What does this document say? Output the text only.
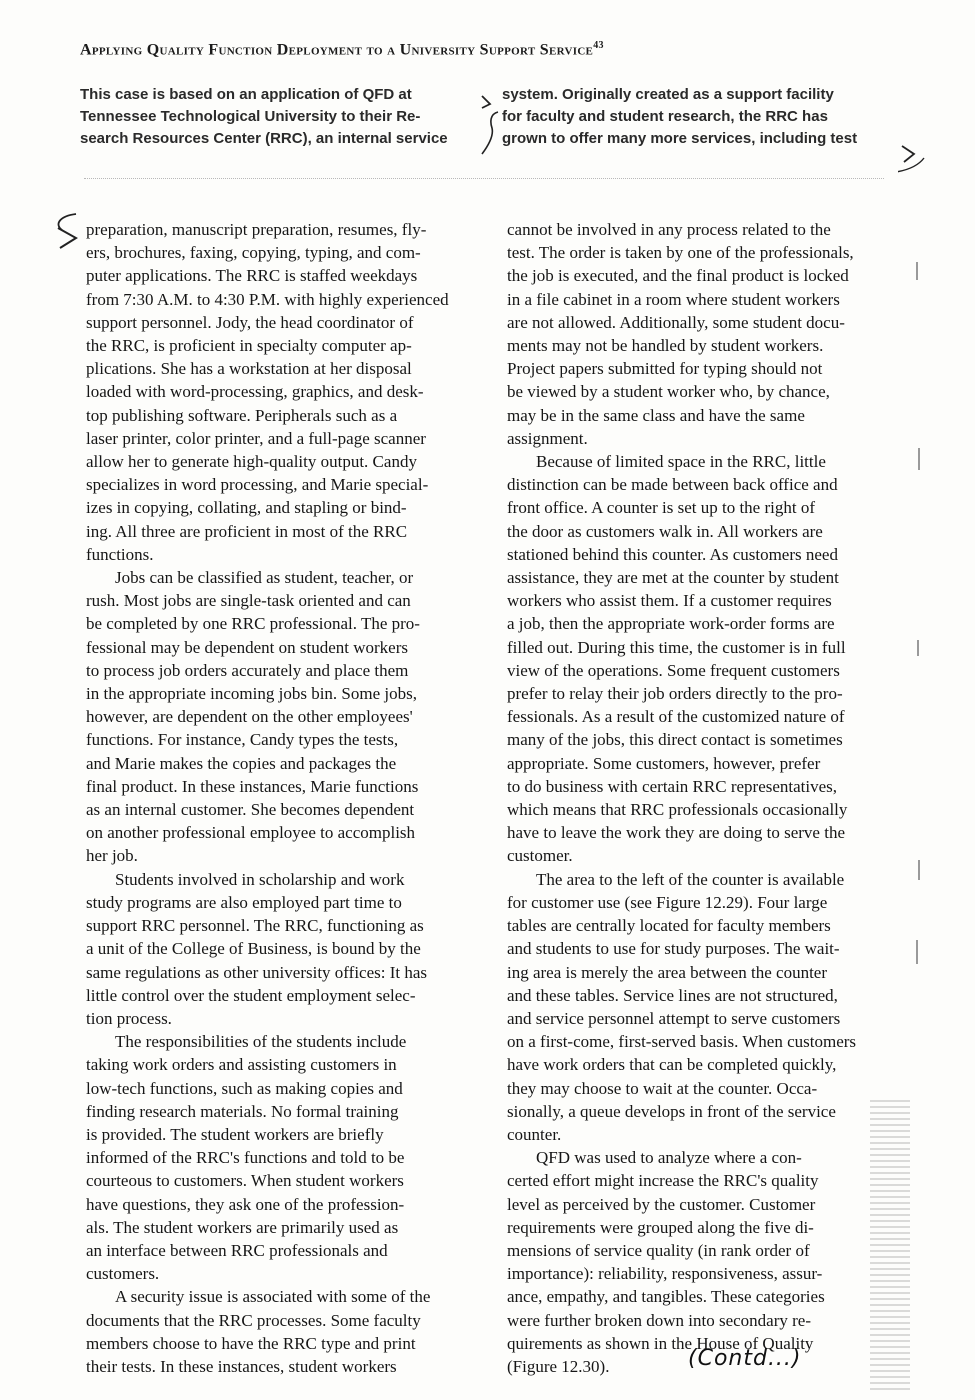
Applying Quality Function Deployment to a University Support Service$^{43}$

This case is based on an application of QFD at

Tennessee Technological University to their Re-

search Resources Center (RRC), an internal service

system. Originally created as a support facility

for faculty and student research, the RRC has

grown to offer many more services, including test

preparation, manuscript preparation, resumes, fly-

ers, brochures, faxing, copying, typing, and com-

puter applications. The RRC is staffed weekdays

from 7:30 A.M. to 4:30 P.M. with highly experienced

support personnel. Jody, the head coordinator of

the RRC, is proficient in specialty computer ap-

plications. She has a workstation at her disposal

loaded with word-processing, graphics, and desk-

top publishing software. Peripherals such as a

laser printer, color printer, and a full-page scanner

allow her to generate high-quality output. Candy

specializes in word processing, and Marie special-

izes in copying, collating, and stapling or bind-

ing. All three are proficient in most of the RRC

functions.

Jobs can be classified as student, teacher, or

rush. Most jobs are single-task oriented and can

be completed by one RRC professional. The pro-

fessional may be dependent on student workers

to process job orders accurately and place them

in the appropriate incoming jobs bin. Some jobs,

however, are dependent on the other employees'

functions. For instance, Candy types the tests,

and Marie makes the copies and packages the

final product. In these instances, Marie functions

as an internal customer. She becomes dependent

on another professional employee to accomplish

her job.

Students involved in scholarship and work

study programs are also employed part time to

support RRC personnel. The RRC, functioning as

a unit of the College of Business, is bound by the

same regulations as other university offices: It has

little control over the student employment selec-

tion process.

The responsibilities of the students include

taking work orders and assisting customers in

low-tech functions, such as making copies and

finding research materials. No formal training

is provided. The student workers are briefly

informed of the RRC's functions and told to be

courteous to customers. When student workers

have questions, they ask one of the profession-

als. The student workers are primarily used as

an interface between RRC professionals and

customers.

A security issue is associated with some of the

documents that the RRC processes. Some faculty

members choose to have the RRC type and print

their tests. In these instances, student workers

cannot be involved in any process related to the

test. The order is taken by one of the professionals,

the job is executed, and the final product is locked

in a file cabinet in a room where student workers

are not allowed. Additionally, some student docu-

ments may not be handled by student workers.

Project papers submitted for typing should not

be viewed by a student worker who, by chance,

may be in the same class and have the same

assignment.

Because of limited space in the RRC, little

distinction can be made between back office and

front office. A counter is set up to the right of

the door as customers walk in. All workers are

stationed behind this counter. As customers need

assistance, they are met at the counter by student

workers who assist them. If a customer requires

a job, then the appropriate work-order forms are

filled out. During this time, the customer is in full

view of the operations. Some frequent customers

prefer to relay their job orders directly to the pro-

fessionals. As a result of the customized nature of

many of the jobs, this direct contact is sometimes

appropriate. Some customers, however, prefer

to do business with certain RRC representatives,

which means that RRC professionals occasionally

have to leave the work they are doing to serve the

customer.

The area to the left of the counter is available

for customer use (see Figure 12.29). Four large

tables are centrally located for faculty members

and students to use for study purposes. The wait-

ing area is merely the area between the counter

and these tables. Service lines are not structured,

and service personnel attempt to serve customers

on a first-come, first-served basis. When customers

have work orders that can be completed quickly,

they may choose to wait at the counter. Occa-

sionally, a queue develops in front of the service

counter.

QFD was used to analyze where a con-

certed effort might increase the RRC's quality

level as perceived by the customer. Customer

requirements were grouped along the five di-

mensions of service quality (in rank order of

importance): reliability, responsiveness, assur-

ance, empathy, and tangibles. These categories

were further broken down into secondary re-

quirements as shown in the House of Quality

(Figure 12.30).	(Contd...)
